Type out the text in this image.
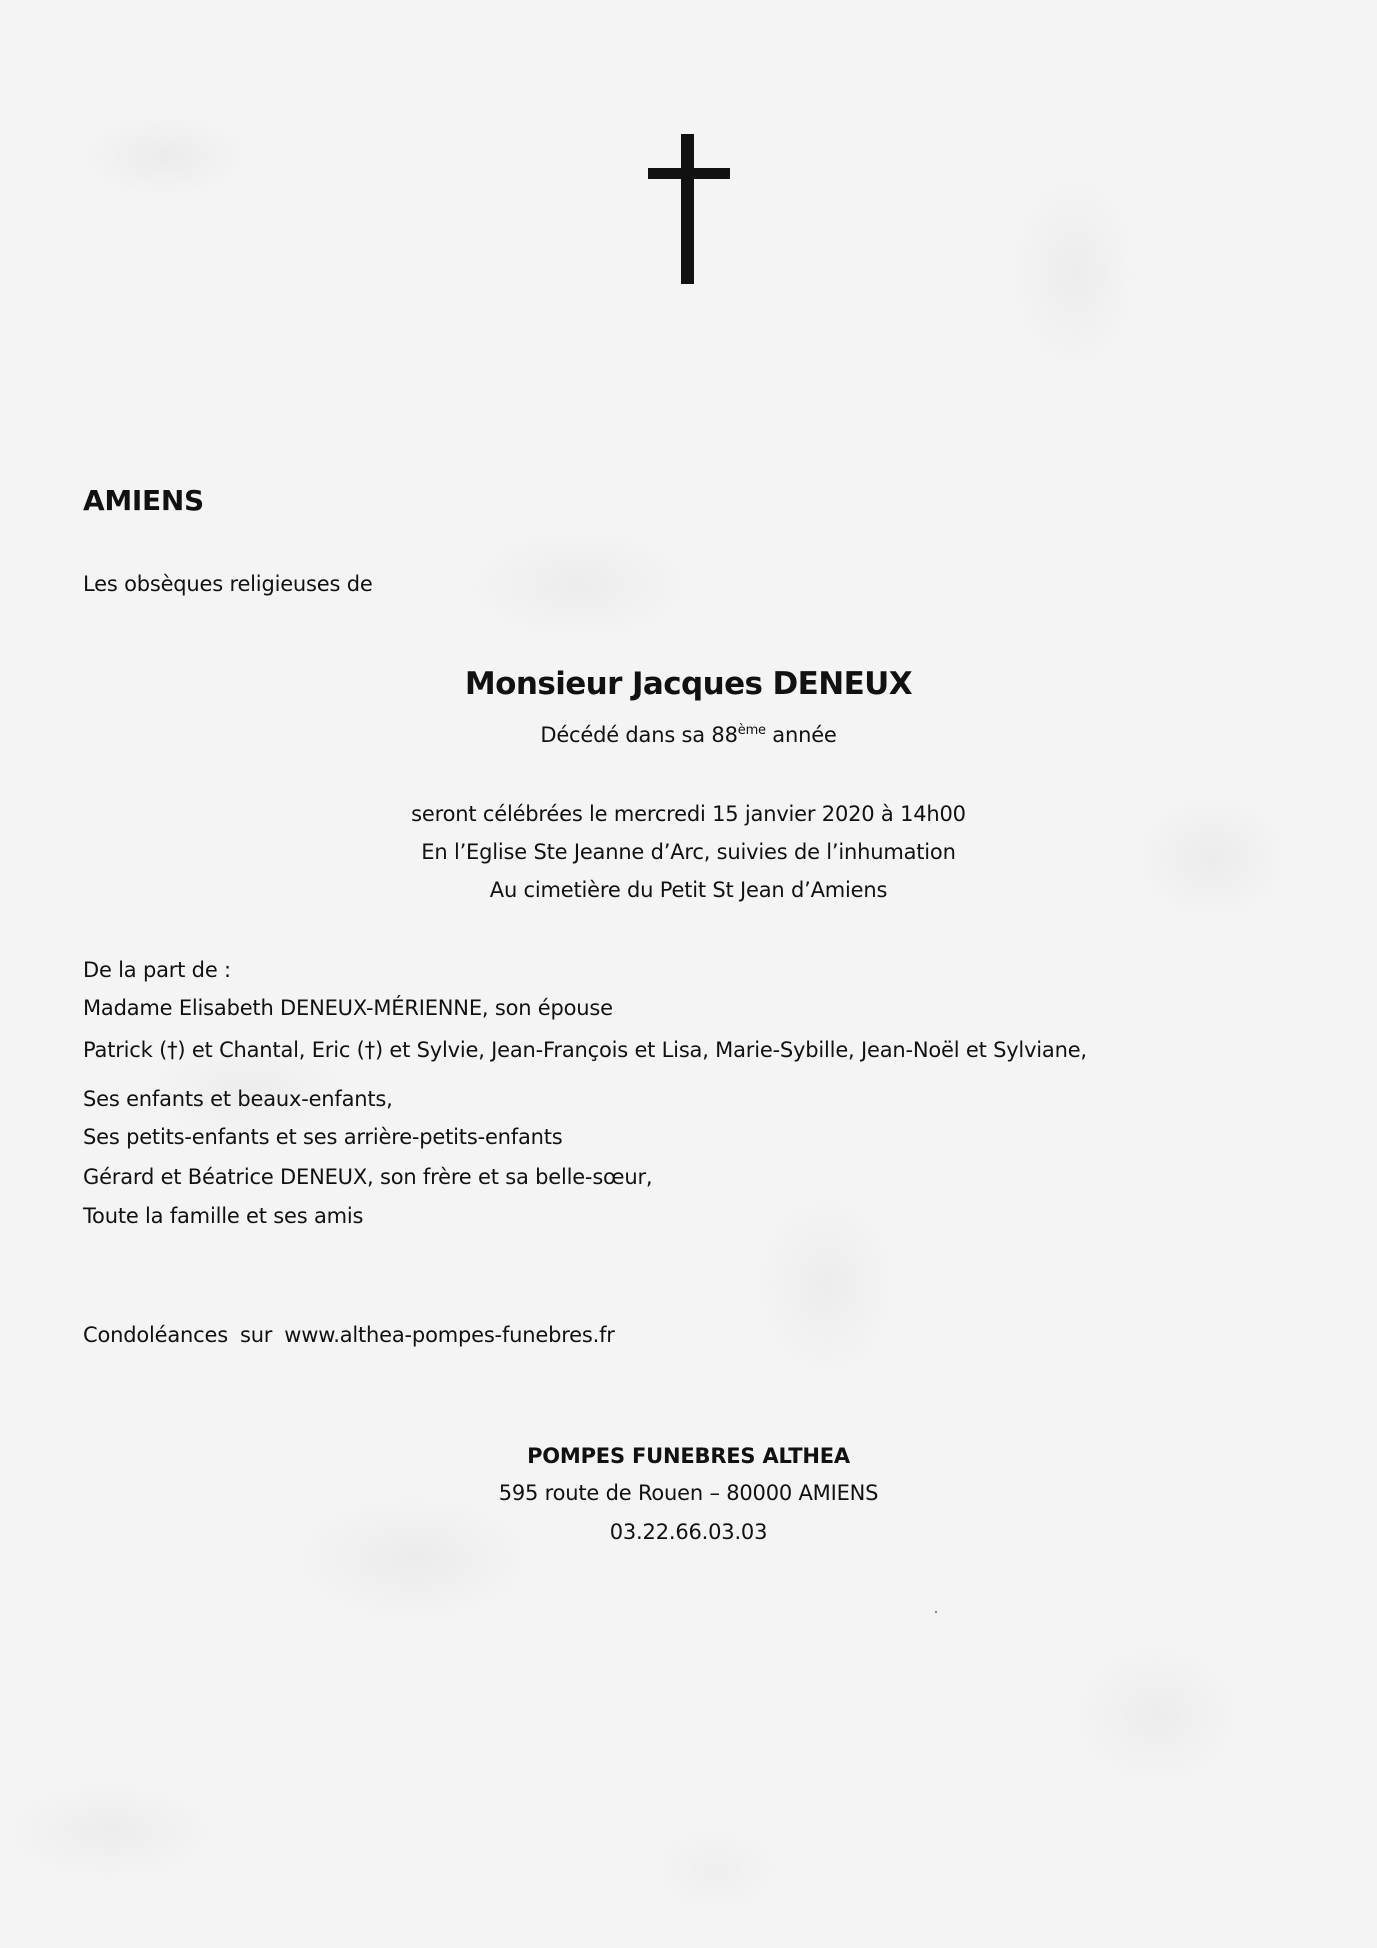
AMIENS
Les obsèques religieuses de
Monsieur Jacques DENEUX
Décédé dans sa 88ème année
seront célébrées le mercredi 15 janvier 2020 à 14h00
En l’Eglise Ste Jeanne d’Arc, suivies de l’inhumation
Au cimetière du Petit St Jean d’Amiens
De la part de :
Madame Elisabeth DENEUX-MÉRIENNE, son épouse
Patrick (†) et Chantal, Eric (†) et Sylvie, Jean-François et Lisa, Marie-Sybille, Jean-Noël et Sylviane,
Ses enfants et beaux-enfants,
Ses petits-enfants et ses arrière-petits-enfants
Gérard et Béatrice DENEUX, son frère et sa belle-sœur,
Toute la famille et ses amis
Condoléances sur www.althea-pompes-funebres.fr
POMPES FUNEBRES ALTHEA
595 route de Rouen – 80000 AMIENS
03.22.66.03.03
